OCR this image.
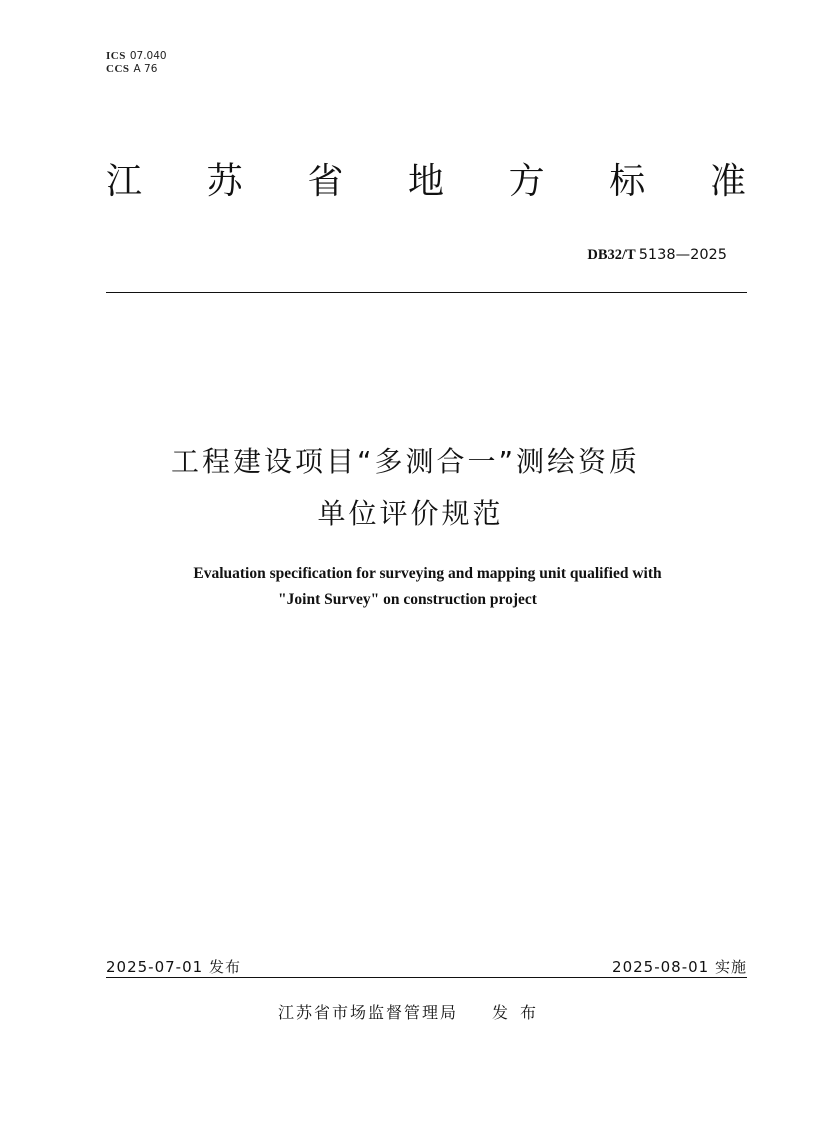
ICS 07.040
CCS A 76
江 苏 省 地 方 标 准
DB32/T 5138—2025
工程建设项目“多测合一”测绘资质
单位评价规范
Evaluation specification for surveying and mapping unit qualified with
"Joint Survey" on construction project
2025-07-01 发布	2025-08-01 实施
江苏省市场监督管理局 发布
